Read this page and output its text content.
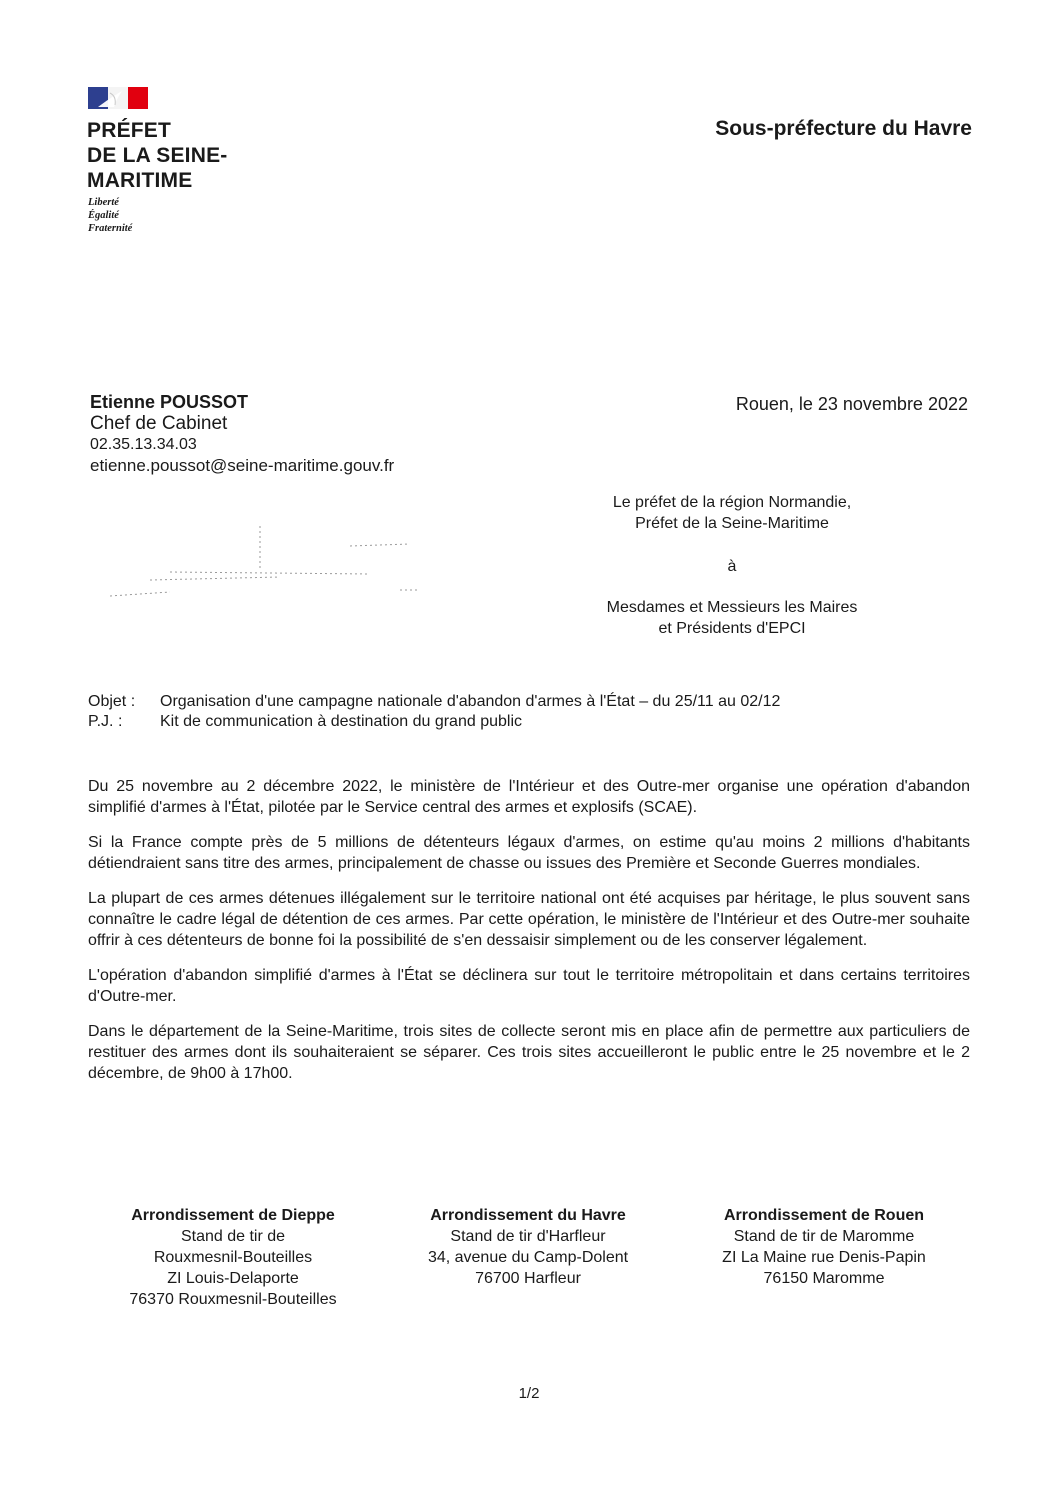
PRÉFET
DE LA SEINE-
MARITIME
Liberté
Égalité
Fraternité
Sous-préfecture du Havre
Etienne POUSSOT
Chef de Cabinet
02.35.13.34.03
etienne.poussot@seine-maritime.gouv.fr
Rouen, le 23 novembre 2022
Le préfet de la région Normandie,
Préfet de la Seine-Maritime
à
Mesdames et Messieurs les Maires
et Présidents d'EPCI
Objet :	Organisation d'une campagne nationale d'abandon d'armes à l'État – du 25/11 au 02/12
P.J. :	Kit de communication à destination du grand public

Du 25 novembre au 2 décembre 2022, le ministère de l'Intérieur et des Outre-mer organise une opération d'abandon simplifié d'armes à l'État, pilotée par le Service central des armes et explosifs (SCAE).

Si la France compte près de 5 millions de détenteurs légaux d'armes, on estime qu'au moins 2 millions d'habitants détiendraient sans titre des armes, principalement de chasse ou issues des Première et Seconde Guerres mondiales.

La plupart de ces armes détenues illégalement sur le territoire national ont été acquises par héritage, le plus souvent sans connaître le cadre légal de détention de ces armes. Par cette opération, le ministère de l'Intérieur et des Outre-mer souhaite offrir à ces détenteurs de bonne foi la possibilité de s'en dessaisir simplement ou de les conserver légalement.

L'opération d'abandon simplifié d'armes à l'État se déclinera sur tout le territoire métropolitain et dans certains territoires d'Outre-mer.

Dans le département de la Seine-Maritime, trois sites de collecte seront mis en place afin de permettre aux particuliers de restituer des armes dont ils souhaiteraient se séparer. Ces trois sites accueilleront le public entre le 25 novembre et le 2 décembre, de 9h00 à 17h00.

Arrondissement de Dieppe
Stand de tir de
Rouxmesnil-Bouteilles
ZI Louis-Delaporte
76370 Rouxmesnil-Bouteilles
Arrondissement du Havre
Stand de tir d'Harfleur
34, avenue du Camp-Dolent
76700 Harfleur
Arrondissement de Rouen
Stand de tir de Maromme
ZI La Maine rue Denis-Papin
76150 Maromme
1/2
